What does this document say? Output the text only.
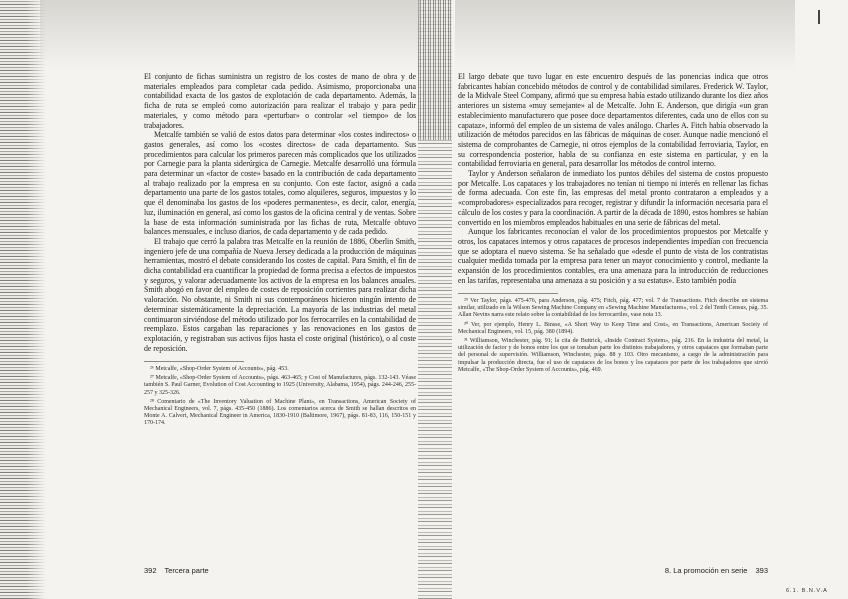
El conjunto de fichas suministra un registro de los costes de mano de obra y de materiales empleados para completar cada pedido. Asimismo, proporcionaba una contabilidad exacta de los gastos de explotación de cada departamento. Además, la ficha de ruta se empleó como autorización para realizar el trabajo y para pedir materiales, y como método para «perturbar» o controlar «el tiempo» de los trabajadores.

Metcalfe también se valió de estos datos para determinar «los costes indirectos» o gastos generales, así como los «costes directos» de cada departamento. Sus procedimientos para calcular los primeros parecen más complicados que los utilizados por Carnegie para la planta siderúrgica de Carnegie. Metcalfe desarrolló una fórmula para determinar un «factor de coste» basado en la contribución de cada departamento al trabajo realizado por la empresa en su conjunto. Con este factor, asignó a cada departamento una parte de los gastos totales, como alquileres, seguros, impuestos y lo que él denominaba los gastos de los «poderes permanentes», es decir, calor, energía, luz, iluminación en general, así como los gastos de la oficina central y de ventas. Sobre la base de esta información suministrada por las fichas de ruta, Metcalfe obtuvo balances mensuales, e incluso diarios, de cada departamento y de cada pedido.

El trabajo que cerró la palabra tras Metcalfe en la reunión de 1886, Oberlin Smith, ingeniero jefe de una compañía de Nueva Jersey dedicada a la producción de máquinas herramientas, mostró el debate considerando los costes de capital. Para Smith, el fin de dicha contabilidad era cuantificar la propiedad de forma precisa a efectos de impuestos y seguros, y valorar adecuadamente los activos de la empresa en los balances anuales. Smith abogó en favor del empleo de costes de reposición corrientes para realizar dicha valoración. No obstante, ni Smith ni sus contemporáneos hicieron ningún intento de determinar sistemáticamente la depreciación. La mayoría de las industrias del metal continuaron sirviéndose del método utilizado por los ferrocarriles en la contabilidad de reemplazo. Estos cargaban las reparaciones y las renovaciones en los gastos de explotación, y registraban sus activos fijos hasta el coste original (histórico), o al coste de reposición.

²⁶ Metcalfe, «Shop-Order System of Accounts», pág. 453.

²⁷ Metcalfe, «Shop-Order System of Accounts», págs. 463-465; y Cost of Manufactures, págs. 132-143. Véase también S. Paul Garner, Evolution of Cost Accounting to 1925 (University, Alabama, 1954), págs. 244-246, 255-257 y 325-326.

²⁸ Comentario de «The Inventory Valuation of Machine Plant», en Transactions, American Society of Mechanical Engineers, vol. 7, págs. 435-450 (1886). Los comentarios acerca de Smith se hallan descritos en Monte A. Calvert, Mechanical Engineer in America, 1830-1910 (Baltimore, 1967), págs. 81-83, 116, 150-151 y 170-174.

El largo debate que tuvo lugar en este encuentro después de las ponencias indica que otros fabricantes habían concebido métodos de control y de contabilidad similares. Frederick W. Taylor, de la Midvale Steel Company, afirmó que su empresa había estado utilizando durante los diez años anteriores un sistema «muy semejante» al de Metcalfe. John E. Anderson, que dirigía «un gran establecimiento manufacturero que posee doce departamentos diferentes, cada uno de ellos con su capataz», informó del empleo de un sistema de vales análogo. Charles A. Fitch había observado la utilización de métodos parecidos en las fábricas de máquinas de coser. Aunque nadie mencionó el sistema de comprobantes de Carnegie, ni otros ejemplos de la contabilidad ferroviaria, Taylor, en su correspondencia posterior, habla de su confianza en este sistema en particular, y en la contabilidad ferroviaria en general, para desarrollar los métodos de control interno.

Taylor y Anderson señalaron de inmediato los puntos débiles del sistema de costos propuesto por Metcalfe. Los capataces y los trabajadores no tenían ni tiempo ni interés en rellenar las fichas de forma adecuada. Con este fin, las empresas del metal pronto contrataron a empleados y a «comprobadores» especializados para recoger, registrar y difundir la información necesaria para el cálculo de los costes y para la coordinación. A partir de la década de 1890, estos hombres se habían convertido en los miembros empleados habituales en una serie de fábricas del metal.

Aunque los fabricantes reconocían el valor de los procedimientos propuestos por Metcalfe y otros, los capataces internos y otros capataces de procesos independientes impedían con frecuencia que se adoptara el nuevo sistema. Se ha señalado que «desde el punto de vista de los contratistas cualquier medida tomada por la empresa para tener un mayor conocimiento y control, mediante la expansión de los procedimientos contables, era una amenaza para la introducción de reducciones en las tarifas, representaba una amenaza a su posición y a su estatus». Esto también podía

²⁹ Ver Taylor, págs. 475-476, para Anderson, pág. 475; Fitch, pág. 477; vol. 7 de Transactions. Fitch describe un sistema similar, utilizado en la Wilson Sewing Machine Company en «Sewing Machine Manufactures», vol. 2 del Tenth Census, pág. 35. Allan Nevins narra este relato sobre la contabilidad de los ferrocarriles, vase nota 13.

³⁰ Ver, por ejemplo, Henry L. Binsse, «A Short Way to Keep Time and Cost», en Transactions, American Society of Mechanical Engineers, vol. 15, pág. 380 (1894).

³¹ Williamson, Winchester, pág. 91; la cita de Buttrick, «Inside Contract System», pág. 216. En la industria del metal, la utilización de factor y de bonos entre los que se tomaban parte los distintos trabajadores, y otros capataces que formaban parte del personal de supervisión. Williamson, Winchester, págs. 88 y 103. Otro mecanismo, a cargo de la administración para impulsar la producción directa, fue el uso de capataces de los bonos y los capataces por parte de los trabajadores que sirvió Metcalfe, «The Shop-Order System of Accounts», pág. 469.

392 Tercera parte	8. La promoción en serie 393
6.1. B.N.V.A
